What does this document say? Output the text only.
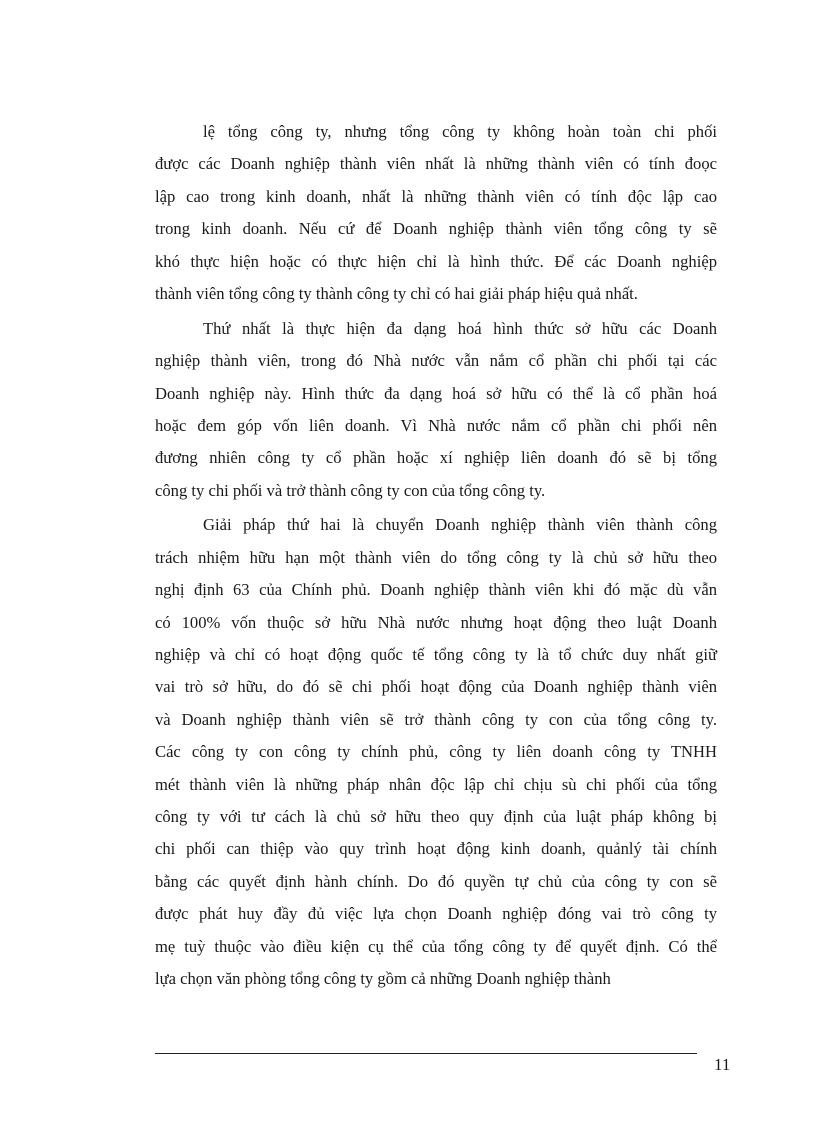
lệ tổng công ty, nhưng tổng công ty không hoàn toàn chi phối
được các Doanh nghiệp thành viên nhất là những thành viên có tính đoọc
lập cao trong kinh doanh, nhất là những thành viên có tính độc lập cao
trong kinh doanh. Nếu cứ để Doanh nghiệp thành viên tổng công ty sẽ
khó thực hiện hoặc có thực hiện chỉ là hình thức. Để các Doanh nghiệp
thành viên tổng công ty thành công ty chỉ có hai giải pháp hiệu quả nhất.
Thứ nhất là thực hiện đa dạng hoá hình thức sở hữu các Doanh
nghiệp thành viên, trong đó Nhà nước vẫn nắm cổ phần chi phối tại các
Doanh nghiệp này. Hình thức đa dạng hoá sở hữu có thể là cổ phần hoá
hoặc đem góp vốn liên doanh. Vì Nhà nước nắm cổ phần chi phối nên
đương nhiên công ty cổ phần hoặc xí nghiệp liên doanh đó sẽ bị tổng
công ty chi phối và trở thành công ty con của tổng công ty.
Giải pháp thứ hai là chuyển Doanh nghiệp thành viên thành công
trách nhiệm hữu hạn một thành viên do tổng công ty là chủ sở hữu theo
nghị định 63 của Chính phủ. Doanh nghiệp thành viên khi đó mặc dù vẫn
có 100% vốn thuộc sở hữu Nhà nước nhưng hoạt động theo luật Doanh
nghiệp và chỉ có hoạt động quốc tế tổng công ty là tổ chức duy nhất giữ
vai trò sở hữu, do đó sẽ chi phối hoạt động của Doanh nghiệp thành viên
và Doanh nghiệp thành viên sẽ trở thành công ty con của tổng công ty.
Các công ty con công ty chính phủ, công ty liên doanh công ty TNHH
mét thành viên là những pháp nhân độc lập chỉ chịu sù chi phối của tổng
công ty với tư cách là chủ sở hữu theo quy định của luật pháp không bị
chi phối can thiệp vào quy trình hoạt động kinh doanh, quảnlý tài chính
bằng các quyết định hành chính. Do đó quyền tự chủ của công ty con sẽ
được phát huy đầy đủ việc lựa chọn Doanh nghiệp đóng vai trò công ty
mẹ tuỳ thuộc vào điều kiện cụ thể của tổng công ty để quyết định. Có thể
lựa chọn văn phòng tổng công ty gồm cả những Doanh nghiệp thành
11
